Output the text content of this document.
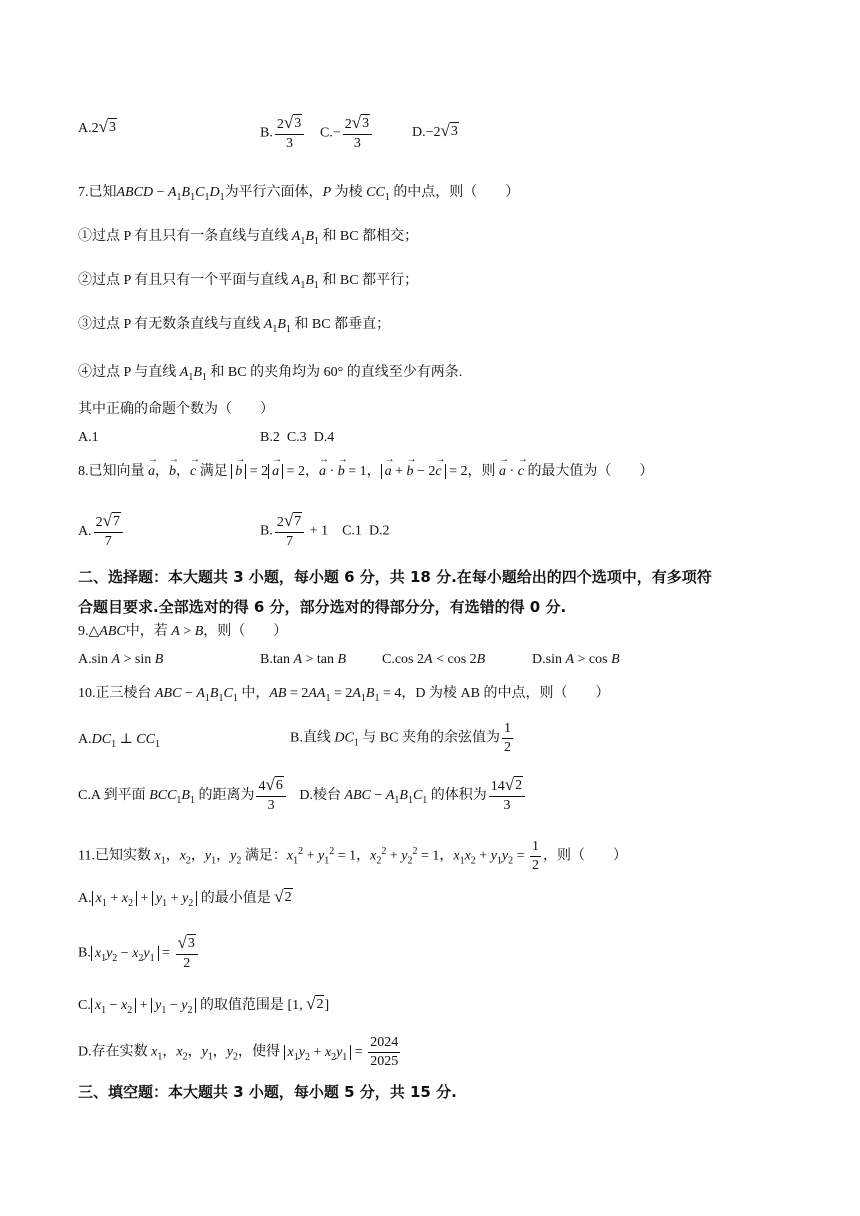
A.2 √ 3	B. $\frac{2 √ 3}{3} C.- \frac{2 √ 3}{3}$	D.−2 √ 3
7.已知ABCD − $A_1B_1C_1D_1$为平行六面体，P 为棱 $CC_1$ 的中点，则（　　）
①过点 P 有且只有一条直线与直线 $A_1B_1$ 和 BC 都相交；
②过点 P 有且只有一个平面与直线 $A_1B_1$ 和 BC 都平行；
③过点 P 有无数条直线与直线 $A_1B_1$ 和 BC 都垂直；
④过点 P 与直线 $A_1B_1$ 和 BC 的夹角均为 60° 的直线至少有两条.
其中正确的命题个数为（　　）
A.1	B.2 C.3 D.4
8.已知向量 → a，→ b，→ c 满足 → b = 2 → a = 2，→ a · → b = 1， → a + → b − 2→ c = 2，则 → a · → c 的最大值为（　　）
A. $\frac{2 √ 7}{7}$	B. $\frac{2 √ 7}{7} + 1$    C.1 D.2
二、选择题：本大题共 3 小题，每小题 6 分，共 18 分.在每小题给出的四个选项中，有多项符
合题目要求.全部选对的得 6 分，部分选对的得部分分，有选错的得 0 分.
9.△ABC中，若 A > B，则（　　）
A.sin A > sin B	B.tan A > tan B	C.cos 2A < cos 2B	D.sin A > cos B
10.正三棱台 ABC − $A_1B_1C_1$ 中，AB = $2AA_1 = 2A_1B_1 = 4$，D 为棱 AB 的中点，则（　　）
$A.DC_1$ ⊥ $CC_1$	B.直线 $DC_1$ 与 BC 夹角的余弦值为 $\frac{1}{2}$
C.A 到平面 $BCC_1B_1$ 的距离为 $\frac{4 √ 6}{3} D$.棱台 ABC − $A_1B_1C_1$ 的体积为 $\frac{14 √ 2}{3}$
11.已知实数 $x_1$，$x_2$，$y_1$，$y_2$ 满足：$x_1^2 + y_1^2 = 1$，$x_2^2 + y_2^2 = 1$，$x_1x_2 + y_1y_2 = \frac{1}{2}$ ，则（　　）
A. $x_1 + x_2 + y_1 + y_2$ 的最小值是 √ 2
B. $x_1y_2 - x_2y_1 = \frac{√ 3}{2}$
C. $x_1 - x_2 + y_1 - y_2$ 的取值范围是 [1, √ 2 ]
D.存在实数 $x_1$，$x_2$，$y_1$，$y_2$，使得 $x_1y_2 + x_2y_1 = \frac{2024}{2025}$
三、填空题：本大题共 3 小题，每小题 5 分，共 15 分.
